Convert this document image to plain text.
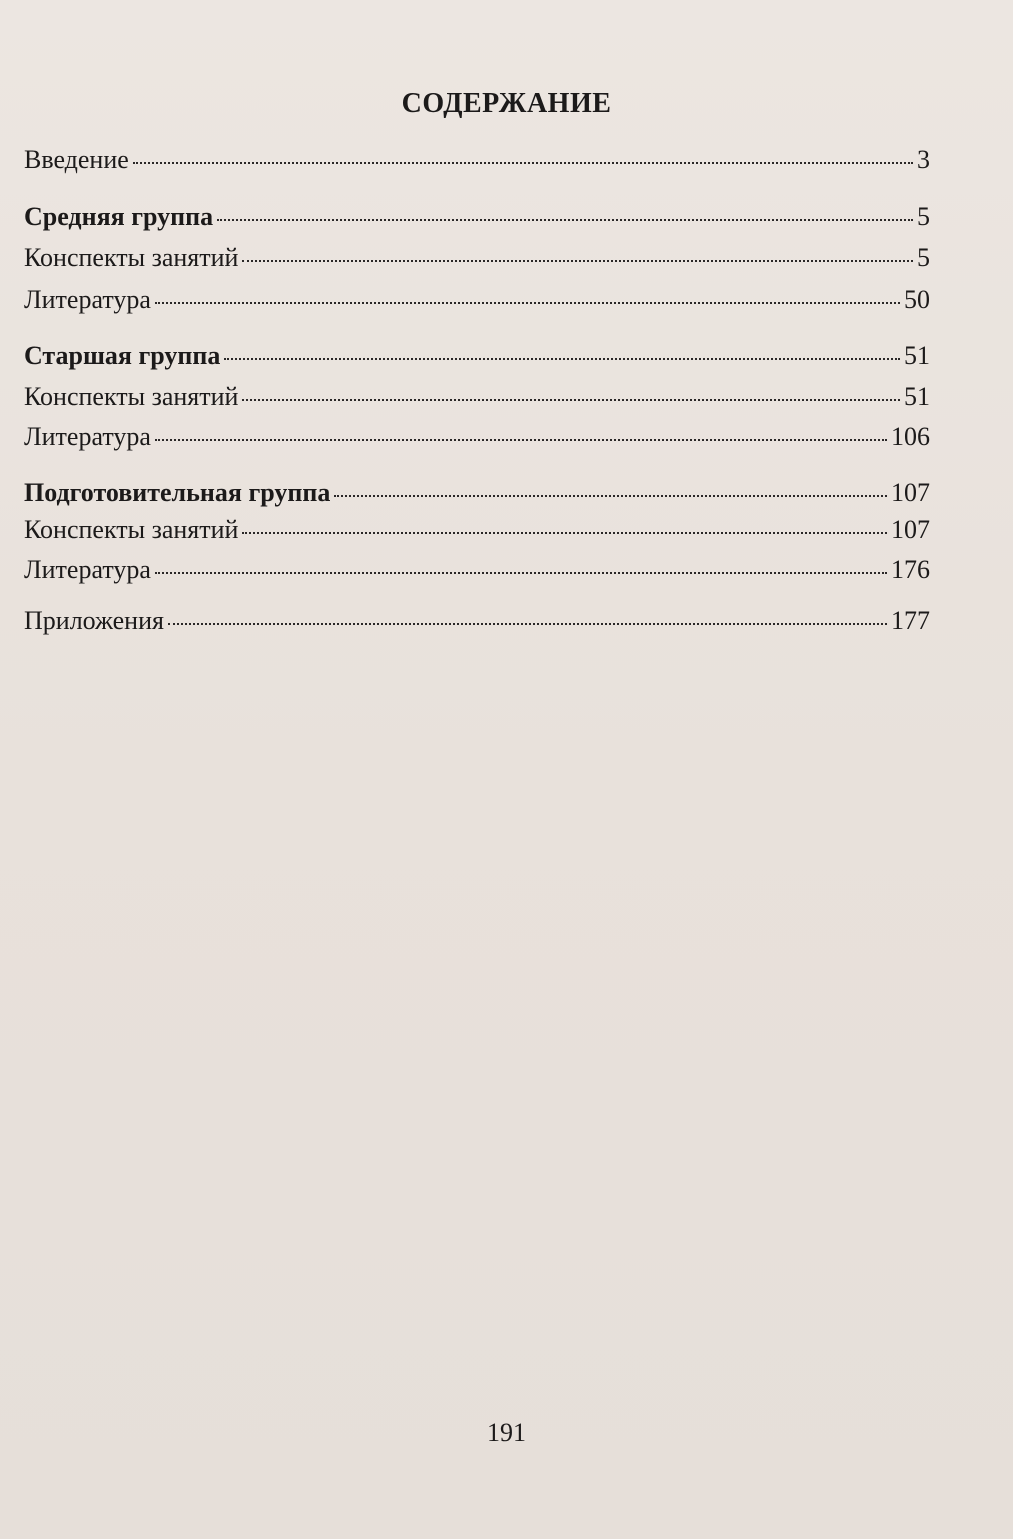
СОДЕРЖАНИЕ
Введение	3
Средняя группа	5
Конспекты занятий	5
Литература	50
Старшая группа	51
Конспекты занятий	51
Литература	106
Подготовительная группа	107
Конспекты занятий	107
Литература	176
Приложения	177
191
